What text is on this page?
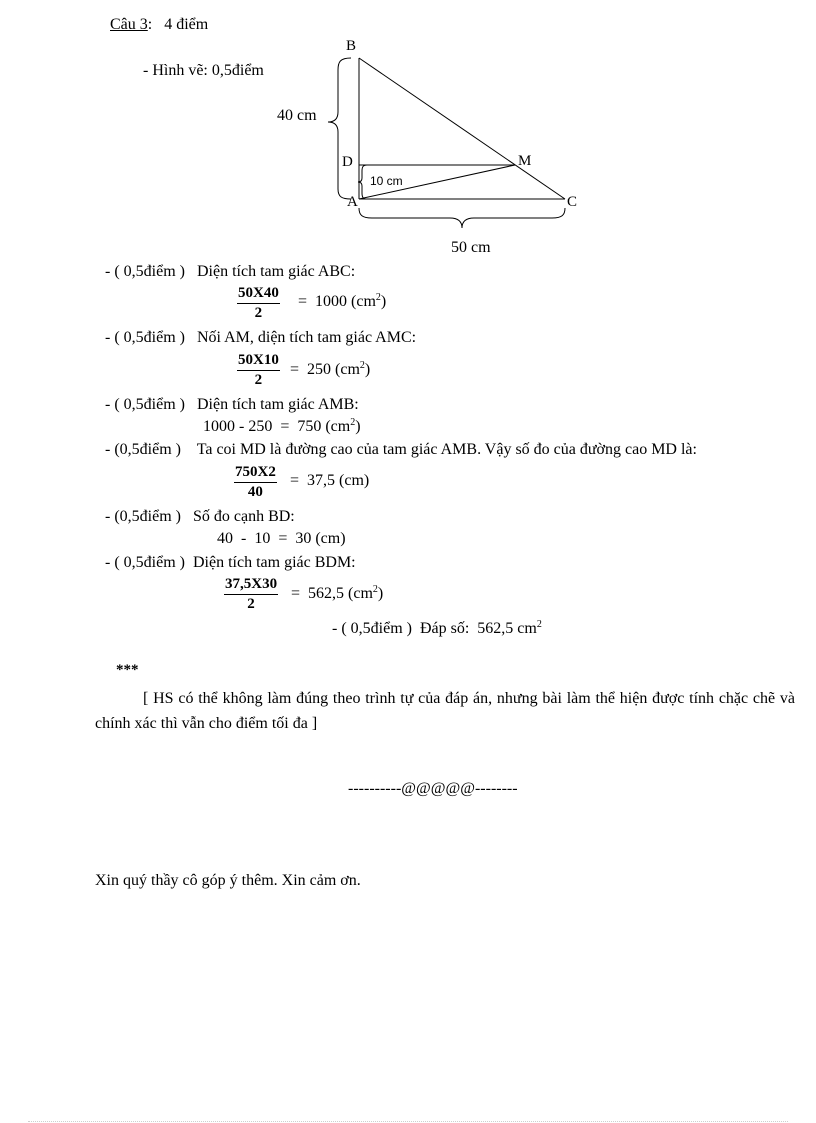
Câu 3: 4 điểm
- Hình vẽ: 0,5điểm
B
D	M
A	C
40 cm
10 cm
50 cm
- ( 0,5điểm )   Diện tích tam giác ABC:
$\frac{50X40}{2} = 1000$ $(cm^2)$
- ( 0,5điểm )   Nối AM, diện tích tam giác AMC:
$\frac{50X10}{2} = 250$ $(cm^2)$
- ( 0,5điểm )   Diện tích tam giác AMB:
1000 - 250  =  750 $(cm^2)$
- (0,5điểm )    Ta coi MD là đường cao của tam giác AMB. Vậy số đo của đường cao MD là:
$\frac{750X2}{40} = 37,5$ (cm)
- (0,5điểm )   Số đo cạnh BD:
40  -  10  =  30 (cm)
- ( 0,5điểm )  Diện tích tam giác BDM:
$\frac{37,5X30}{2} = 562,5$ $(cm^2)$
- ( 0,5điểm )  Đáp số:  562,5 $cm^2$
***
[ HS có thể không làm đúng theo trình tự của đáp án, nhưng bài làm thể hiện được tính chặc chẽ và chính xác thì vẫn cho điểm tối đa ]
----------@@@@@--------
Xin quý thầy cô góp ý thêm. Xin cảm ơn.
